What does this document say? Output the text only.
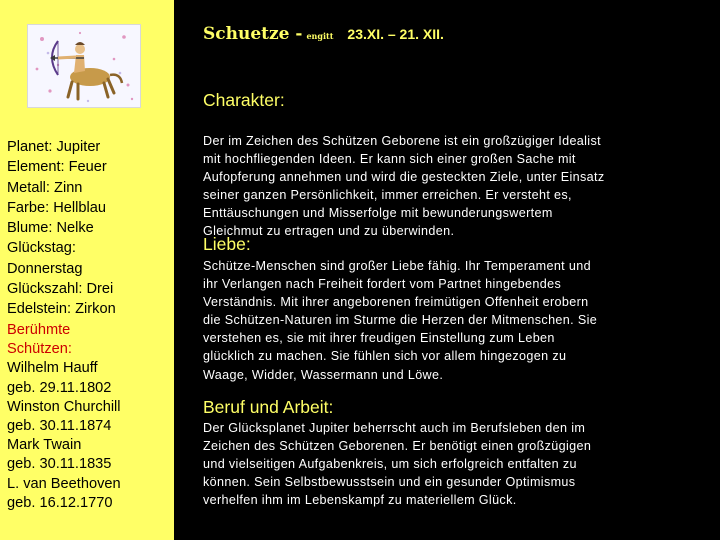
Planet: Jupiter
Element: Feuer
Metall: Zinn
Farbe: Hellblau
Blume: Nelke
Glückstag:
Donnerstag
Glückszahl: Drei
Edelstein: Zirkon
Berühmte
Schützen:
Wilhelm Hauff
geb. 29.11.1802
Winston Churchill
geb. 30.11.1874
Mark Twain
geb. 30.11.1835
L. van Beethoven
geb. 16.12.1770
Schuetze - engitt 23.XI. – 21. XII.
Charakter:
Der im Zeichen des Schützen Geborene ist ein großzügiger Idealist
mit hochfliegenden Ideen. Er kann sich einer großen Sache mit
Aufopferung annehmen und wird die gesteckten Ziele, unter Einsatz
seiner ganzen Persönlichkeit, immer erreichen. Er versteht es,
Enttäuschungen und Misserfolge mit bewunderungswertem
Gleichmut zu ertragen und zu überwinden.
Liebe:
Schütze-Menschen sind großer Liebe fähig. Ihr Temperament und
ihr Verlangen nach Freiheit fordert vom Partnet hingebendes
Verständnis. Mit ihrer angeborenen freimütigen Offenheit erobern
die Schützen-Naturen im Sturme die Herzen der Mitmenschen. Sie
verstehen es, sie mit ihrer freudigen Einstellung zum Leben
glücklich zu machen. Sie fühlen sich vor allem hingezogen zu
Waage, Widder, Wassermann und Löwe.
Beruf und Arbeit:
Der Glücksplanet Jupiter beherrscht auch im Berufsleben den im
Zeichen des Schützen Geborenen. Er benötigt einen großzügigen
und vielseitigen Aufgabenkreis, um sich erfolgreich entfalten zu
können. Sein Selbstbewusstsein und ein gesunder Optimismus
verhelfen ihm im Lebenskampf zu materiellem Glück.
